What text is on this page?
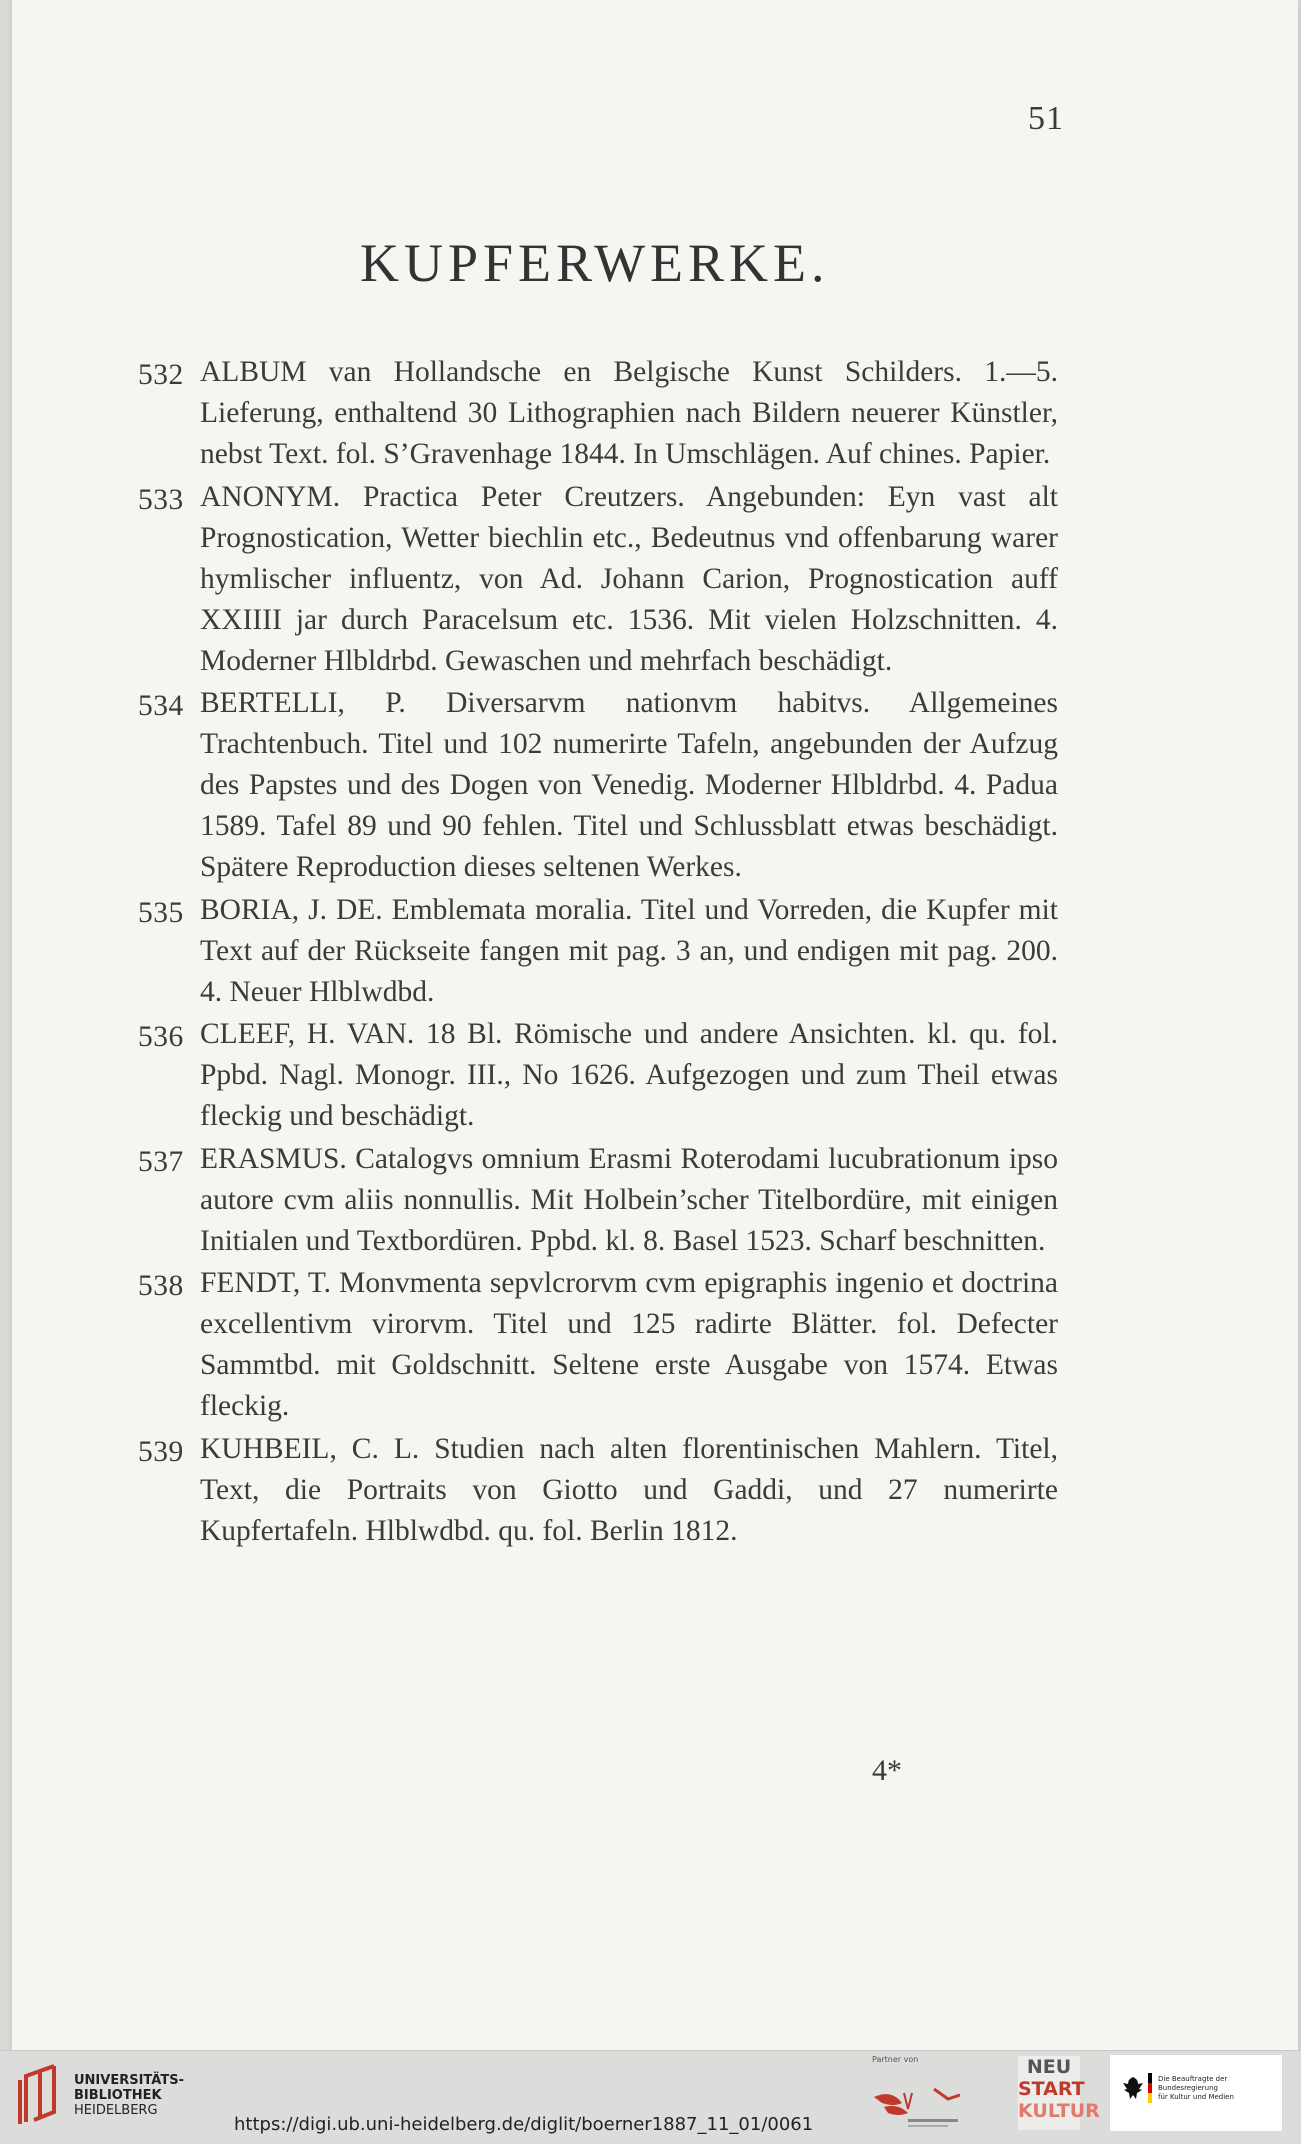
51
KUPFERWERKE.

532 ALBUM van Hollandsche en Belgische Kunst Schilders. 1.—5. Lieferung, enthaltend 30 Lithographien nach Bildern neuerer Künstler, nebst Text. fol. S’Gravenhage 1844. In Umschlägen. Auf chines. Papier.

533 ANONYM. Practica Peter Creutzers. Angebunden: Eyn vast alt Prognostication, Wetter biechlin etc., Bedeutnus vnd offenbarung warer hymlischer influentz, von Ad. Johann Carion, Prognostication auff XXIIII jar durch Paracelsum etc. 1536. Mit vielen Holzschnitten. 4. Moderner Hlbldrbd. Gewaschen und mehrfach beschädigt.

534 BERTELLI, P. Diversarvm nationvm habitvs. Allgemeines Trachtenbuch. Titel und 102 numerirte Tafeln, angebunden der Aufzug des Papstes und des Dogen von Venedig. Moderner Hlbldrbd. 4. Padua 1589. Tafel 89 und 90 fehlen. Titel und Schlussblatt etwas beschädigt. Spätere Reproduction dieses seltenen Werkes.

535 BORIA, J. DE. Emblemata moralia. Titel und Vorreden, die Kupfer mit Text auf der Rückseite fangen mit pag. 3 an, und endigen mit pag. 200. 4. Neuer Hlblwdbd.

536 CLEEF, H. VAN. 18 Bl. Römische und andere Ansichten. kl. qu. fol. Ppbd. Nagl. Monogr. III., No 1626. Aufgezogen und zum Theil etwas fleckig und beschädigt.

537 ERASMUS. Catalogvs omnium Erasmi Roterodami lucubrationum ipso autore cvm aliis nonnullis. Mit Holbein’scher Titelbordüre, mit einigen Initialen und Textbordüren. Ppbd. kl. 8. Basel 1523. Scharf beschnitten.

538 FENDT, T. Monvmenta sepvlcrorvm cvm epigraphis ingenio et doctrina excellentivm virorvm. Titel und 125 radirte Blätter. fol. Defecter Sammtbd. mit Goldschnitt. Seltene erste Ausgabe von 1574. Etwas fleckig.

539 KUHBEIL, C. L. Studien nach alten florentinischen Mahlern. Titel, Text, die Portraits von Giotto und Gaddi, und 27 numerirte Kupfertafeln. Hlblwdbd. qu. fol. Berlin 1812.

4*
UNIVERSITÄTS-
BIBLIOTHEK
HEIDELBERG
https://digi.ub.uni-heidelberg.de/diglit/boerner1887_11_01/0061
Partner von	NEU
START
KULTUR
Die Beauftragte der Bundesregierung
für Kultur und Medien
